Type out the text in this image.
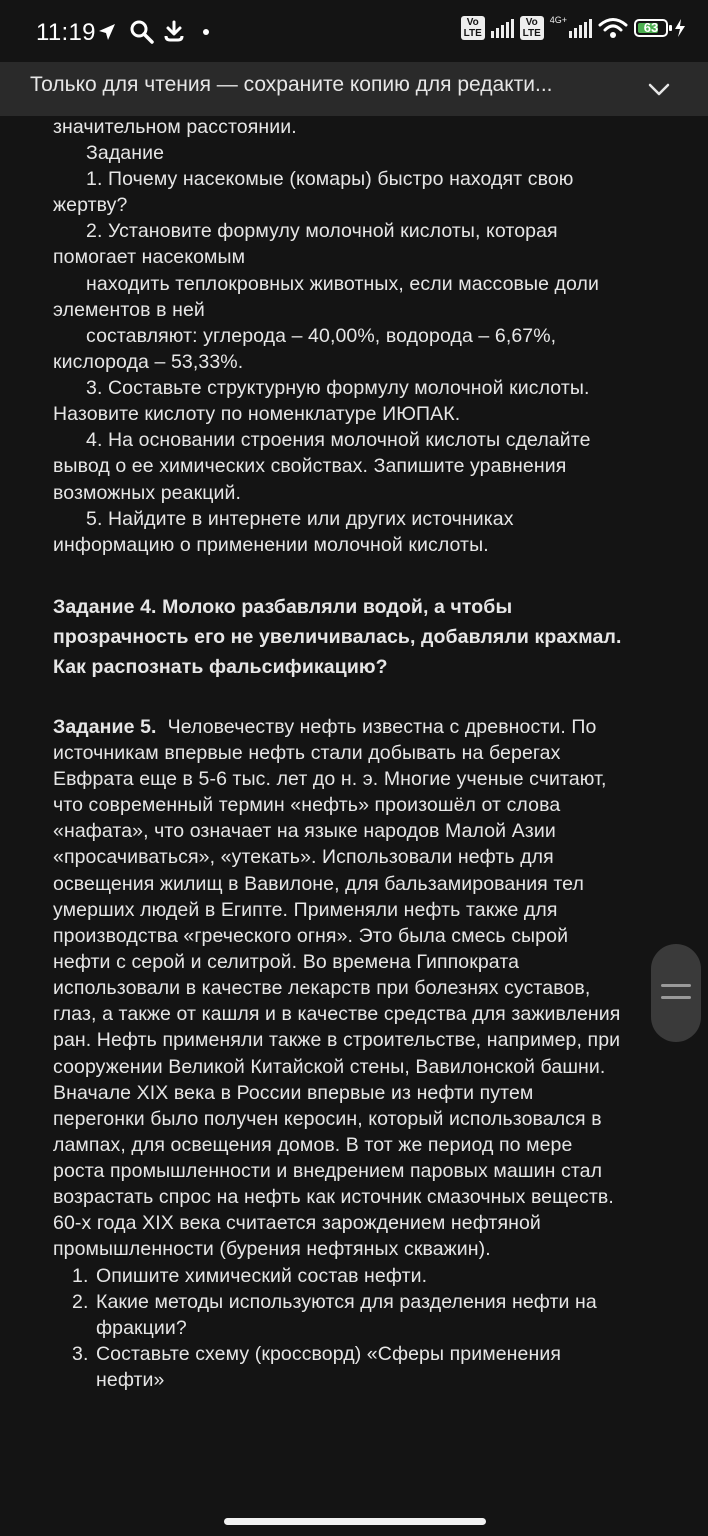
11:19	Vo LTE
Vo LTE
4G+	63
Только для чтения — сохраните копию для редакти...
значительном расстоянии.
Задание
1. Почему насекомые (комары) быстро находят свою
жертву?
2. Установите формулу молочной кислоты, которая
помогает насекомым
находить теплокровных животных, если массовые доли
элементов в ней
составляют: углерода – 40,00%, водорода – 6,67%,
кислорода – 53,33%.
3. Составьте структурную формулу молочной кислоты.
Назовите кислоту по номенклатуре ИЮПАК.
4. На основании строения молочной кислоты сделайте
вывод о ее химических свойствах. Запишите уравнения
возможных реакций.
5. Найдите в интернете или других источниках
информацию о применении молочной кислоты.
Задание 4. Молоко разбавляли водой, а чтобы
прозрачность его не увеличивалась, добавляли крахмал.
Как распознать фальсификацию?
Задание 5. Человечеству нефть известна с древности. По
источникам впервые нефть стали добывать на берегах
Евфрата еще в 5-6 тыс. лет до н. э. Многие ученые считают,
что современный термин «нефть» произошёл от слова
«нафата», что означает на языке народов Малой Азии
«просачиваться», «утекать». Использовали нефть для
освещения жилищ в Вавилоне, для бальзамирования тел
умерших людей в Египте. Применяли нефть также для
производства «греческого огня». Это была смесь сырой
нефти с серой и селитрой. Во времена Гиппократа
использовали в качестве лекарств при болезнях суставов,
глаз, а также от кашля и в качестве средства для заживления
ран. Нефть применяли также в строительстве, например, при
сооружении Великой Китайской стены, Вавилонской башни.
Вначале XIX века в России впервые из нефти путем
перегонки было получен керосин, который использовался в
лампах, для освещения домов. В тот же период по мере
роста промышленности и внедрением паровых машин стал
возрастать спрос на нефть как источник смазочных веществ.
60-х года XIX века считается зарождением нефтяной
промышленности (бурения нефтяных скважин).
1. Опишите химический состав нефти.
2. Какие методы используются для разделения нефти на
фракции?
3. Составьте схему (кроссворд) «Сферы применения
нефти»
